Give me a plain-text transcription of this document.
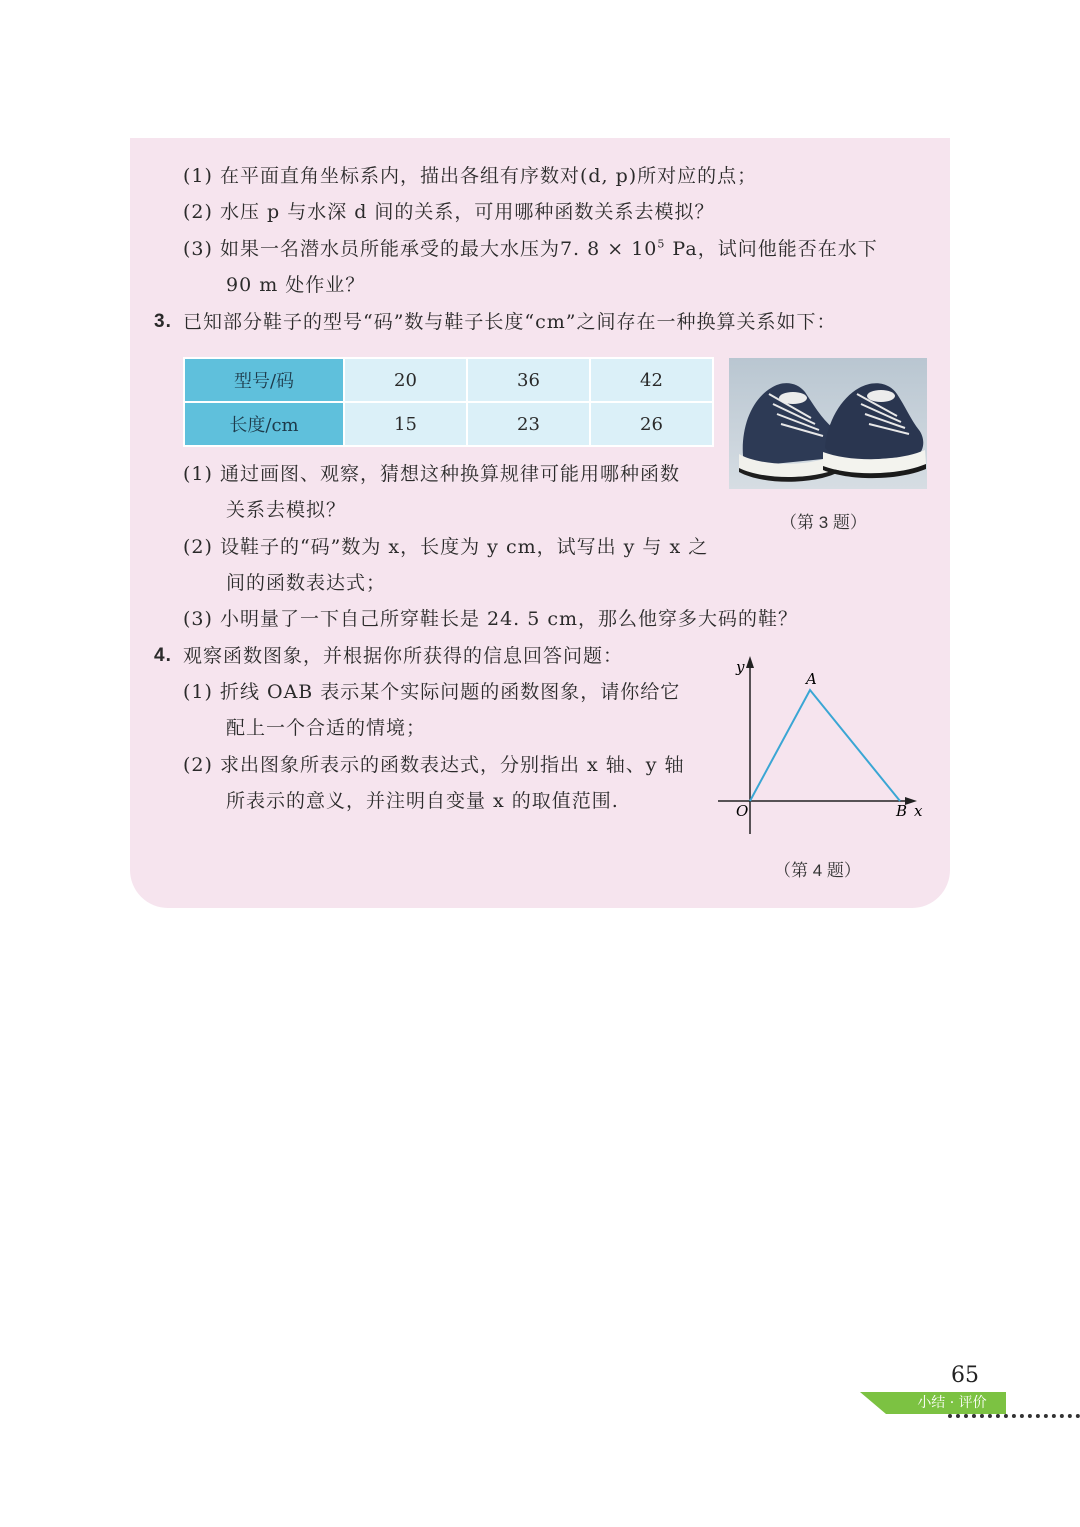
(1) 在平面直角坐标系内，描出各组有序数对(d, p)所对应的点；
(2) 水压 p 与水深 d 间的关系，可用哪种函数关系去模拟？
(3) 如果一名潜水员所能承受的最大水压为7. $8 \times 10^5$ Pa，试问他能否在水下
90 m 处作业？
3. 已知部分鞋子的型号“码”数与鞋子长度“cm”之间存在一种换算关系如下：
型号/码	20	36	42
长度/cm	15	23	26
（第 3 题）
(1) 通过画图、观察，猜想这种换算规律可能用哪种函数
关系去模拟？
(2) 设鞋子的“码”数为 x，长度为 y cm，试写出 y 与 x 之
间的函数表达式；
(3) 小明量了一下自己所穿鞋长是 24. 5 cm，那么他穿多大码的鞋？
4. 观察函数图象，并根据你所获得的信息回答问题：
(1) 折线 OAB 表示某个实际问题的函数图象，请你给它
配上一个合适的情境；
(2) 求出图象所表示的函数表达式，分别指出 x 轴、y 轴
所表示的意义，并注明自变量 x 的取值范围.
y
x
O
A
B
（第 4 题）
65
小结 · 评价
